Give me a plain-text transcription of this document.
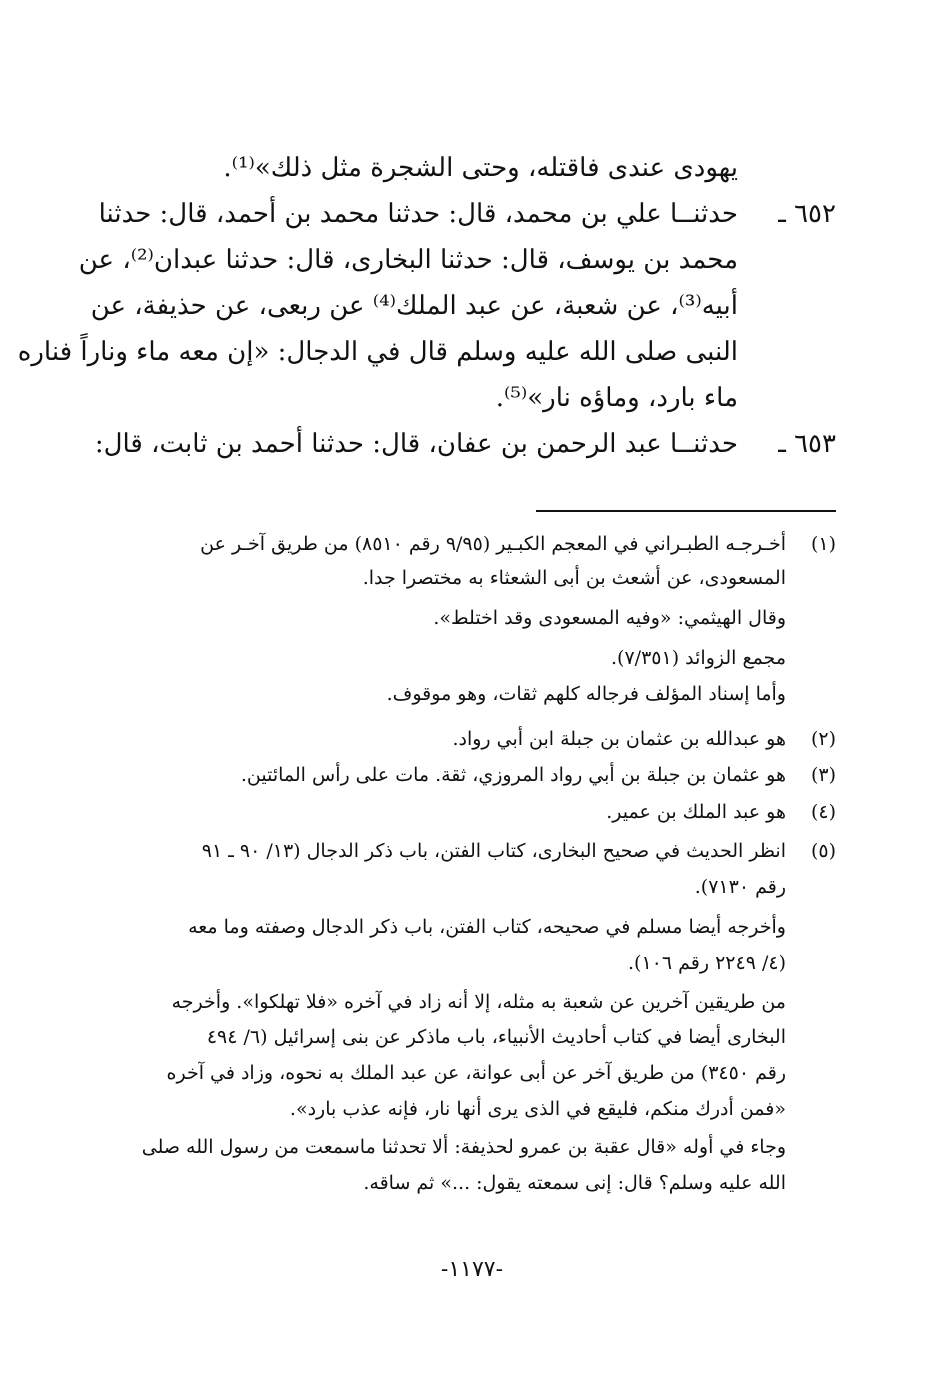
يهودى عندى فاقتله، وحتى الشجرة مثل ذلك»⁽¹⁾.
٦٥٢ ـ
حدثنــا علي بن محمد، قال: حدثنا محمد بن أحمد، قال: حدثنا
محمد بن يوسف، قال: حدثنا البخارى، قال: حدثنا عبدان⁽²⁾، عن
أبيه⁽³⁾، عن شعبة، عن عبد الملك⁽⁴⁾ عن ربعى، عن حذيفة، عن
النبى صلى الله عليه وسلم قال في الدجال: «إن معه ماء وناراً فناره
ماء بارد، وماؤه نار»⁽⁵⁾.
٦٥٣ ـ
حدثنــا عبد الرحمن بن عفان، قال: حدثنا أحمد بن ثابت، قال:
(١)
أخـرجـه الطبـراني في المعجم الكبـير (٩/٩٥ رقم ٨٥١٠) من طريق آخـر عن
المسعودى، عن أشعث بن أبى الشعثاء به مختصرا جدا.
وقال الهيثمي: «وفيه المسعودى وقد اختلط».
مجمع الزوائد (٧/٣٥١).
وأما إسناد المؤلف فرجاله كلهم ثقات، وهو موقوف.
(٢)
هو عبدالله بن عثمان بن جبلة ابن أبي رواد.
(٣)
هو عثمان بن جبلة بن أبي رواد المروزي، ثقة. مات على رأس المائتين.
(٤)
هو عبد الملك بن عمير.
(٥)
انظر الحديث في صحيح البخارى، كتاب الفتن، باب ذكر الدجال (١٣/ ٩٠ ـ ٩١
رقم ٧١٣٠).
وأخرجه أيضا مسلم في صحيحه، كتاب الفتن، باب ذكر الدجال وصفته وما معه
(٤/ ٢٢٤٩ رقم ١٠٦).
من طريقين آخرين عن شعبة به مثله، إلا أنه زاد في آخره «فلا تهلكوا». وأخرجه
البخارى أيضا في كتاب أحاديث الأنبياء، باب ماذكر عن بنى إسرائيل (٦/ ٤٩٤
رقم ٣٤٥٠) من طريق آخر عن أبى عوانة، عن عبد الملك به نحوه، وزاد في آخره
«فمن أدرك منكم، فليقع في الذى يرى أنها نار، فإنه عذب بارد».
وجاء في أوله «قال عقبة بن عمرو لحذيفة: ألا تحدثنا ماسمعت من رسول الله صلى
الله عليه وسلم؟ قال: إنى سمعته يقول: ...» ثم ساقه.
-١١٧٧-
